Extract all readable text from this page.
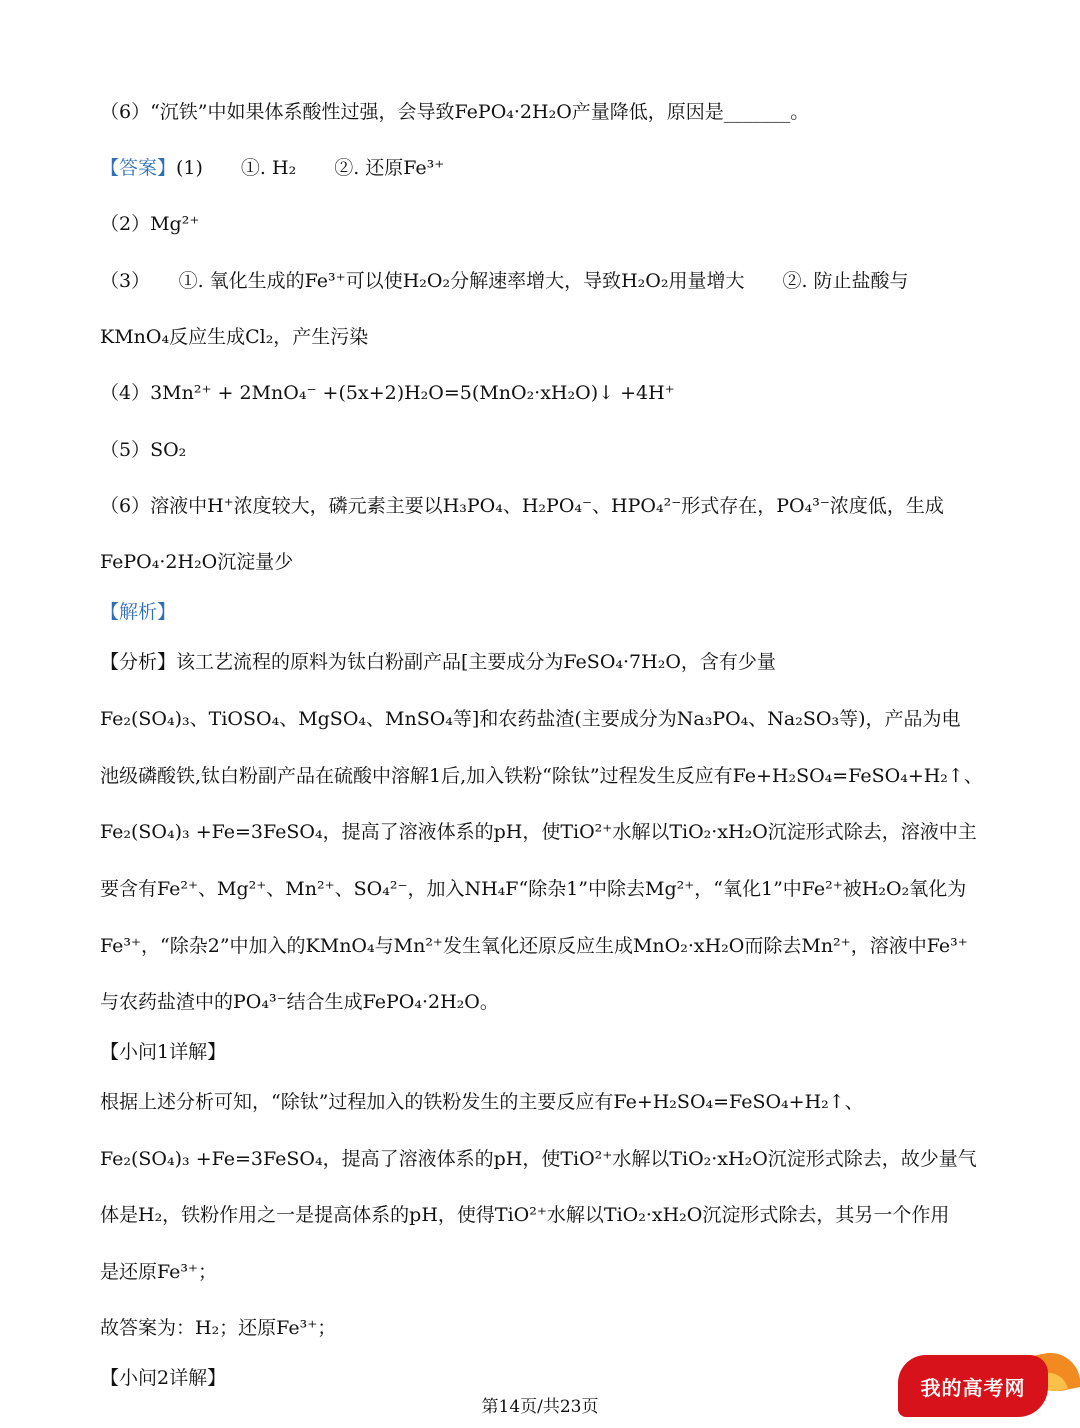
（6）“沉铁”中如果体系酸性过强，会导致FePO₄·2H₂O产量降低，原因是_______。
【答案】(1)　　①. H₂　　②. 还原Fe³⁺
（2）Mg²⁺
（3）　　①. 氧化生成的Fe³⁺可以使H₂O₂分解速率增大，导致H₂O₂用量增大　　②. 防止盐酸与
KMnO₄反应生成Cl₂，产生污染
（4）3Mn²⁺ + 2MnO₄⁻ +(5x+2)H₂O=5(MnO₂·xH₂O)↓ +4H⁺
（5）SO₂
（6）溶液中H⁺浓度较大，磷元素主要以H₃PO₄、H₂PO₄⁻、HPO₄²⁻形式存在，PO₄³⁻浓度低，生成
FePO₄·2H₂O沉淀量少
【解析】
【分析】该工艺流程的原料为钛白粉副产品[主要成分为FeSO₄·7H₂O，含有少量
Fe₂(SO₄)₃、TiOSO₄、MgSO₄、MnSO₄等]和农药盐渣(主要成分为Na₃PO₄、Na₂SO₃等)，产品为电
池级磷酸铁,钛白粉副产品在硫酸中溶解1后,加入铁粉“除钛”过程发生反应有Fe+H₂SO₄=FeSO₄+H₂↑、
Fe₂(SO₄)₃ +Fe=3FeSO₄，提高了溶液体系的pH，使TiO²⁺水解以TiO₂·xH₂O沉淀形式除去，溶液中主
要含有Fe²⁺、Mg²⁺、Mn²⁺、SO₄²⁻，加入NH₄F“除杂1”中除去Mg²⁺，“氧化1”中Fe²⁺被H₂O₂氧化为
Fe³⁺，“除杂2”中加入的KMnO₄与Mn²⁺发生氧化还原反应生成MnO₂·xH₂O而除去Mn²⁺，溶液中Fe³⁺
与农药盐渣中的PO₄³⁻结合生成FePO₄·2H₂O。
【小问1详解】
根据上述分析可知，“除钛”过程加入的铁粉发生的主要反应有Fe+H₂SO₄=FeSO₄+H₂↑、
Fe₂(SO₄)₃ +Fe=3FeSO₄，提高了溶液体系的pH，使TiO²⁺水解以TiO₂·xH₂O沉淀形式除去，故少量气
体是H₂，铁粉作用之一是提高体系的pH，使得TiO²⁺水解以TiO₂·xH₂O沉淀形式除去，其另一个作用
是还原Fe³⁺；
故答案为：H₂；还原Fe³⁺；
【小问2详解】
第14页/共23页
我的高考网
